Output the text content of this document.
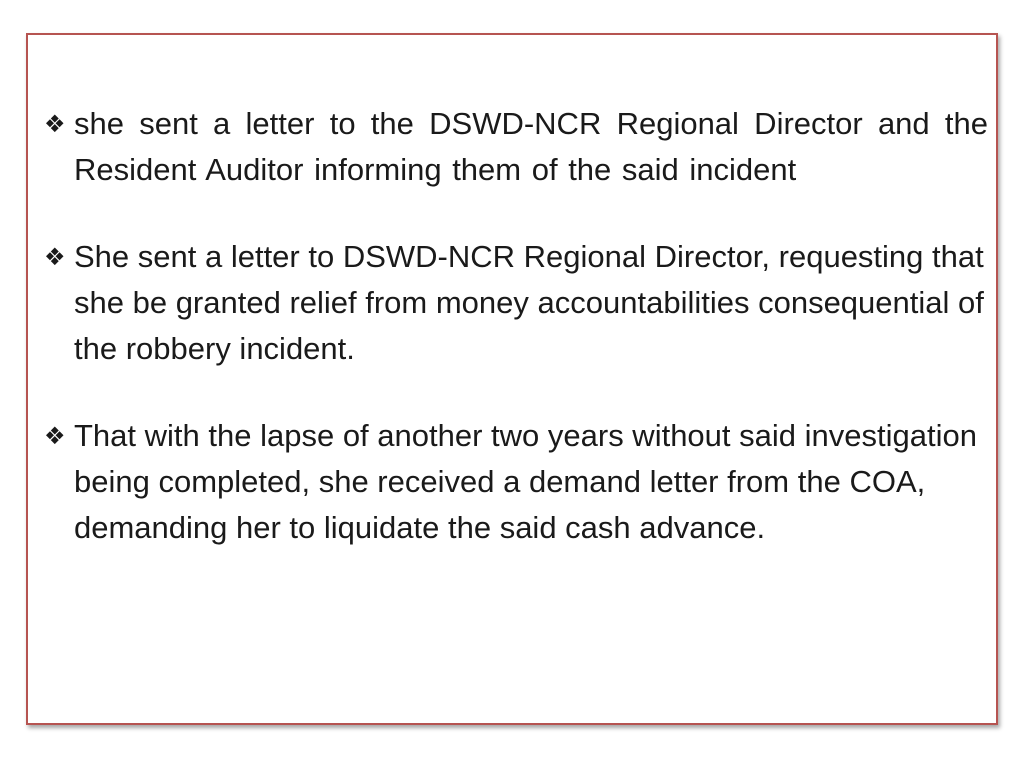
❖ she sent a letter to the DSWD-NCR Regional Director and the Resident Auditor informing them of the said incident
❖ She sent a letter to DSWD-NCR Regional Director, requesting that she be granted relief from money accountabilities consequential of the robbery incident.
❖ That with the lapse of another two years without said investigation being completed, she received a demand letter from the COA, demanding her to liquidate the said cash advance.
